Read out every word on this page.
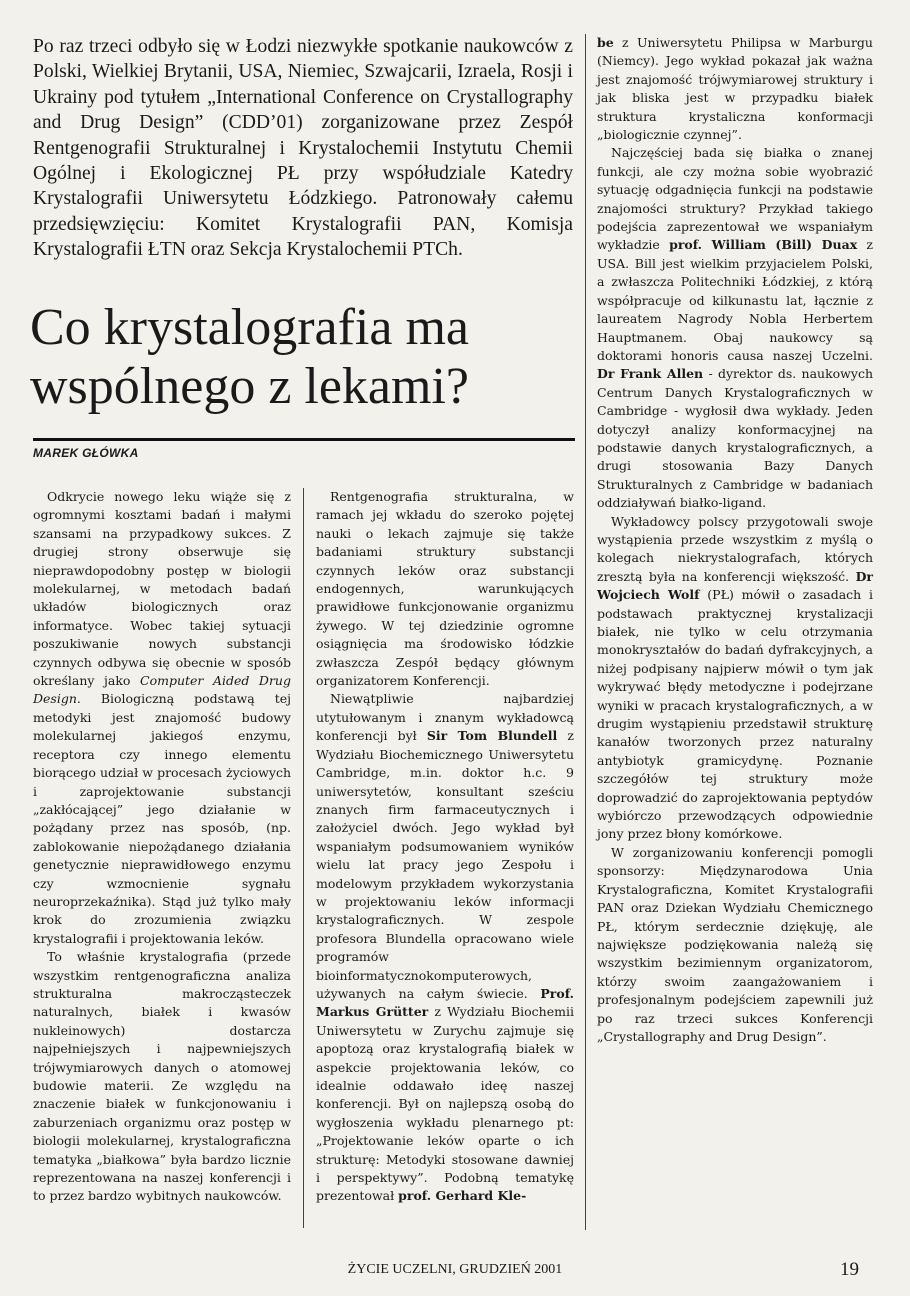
Po raz trzeci odbyło się w Łodzi niezwykłe spotkanie naukowców z Polski, Wielkiej Brytanii, USA, Niemiec, Szwajcarii, Izraela, Rosji i Ukrainy pod tytułem „International Conference on Crystallography and Drug Design” (CDD’01) zorganizowane przez Zespół Rentgenografii Strukturalnej i Krystalochemii Instytutu Chemii Ogólnej i Ekologicznej PŁ przy współudziale Katedry Krystalografii Uniwersytetu Łódzkiego. Patronowały całemu przedsięwzięciu: Komitet Krystalografii PAN, Komisja Krystalografii ŁTN oraz Sekcja Krystalochemii PTCh.

Co krystalografia ma wspólnego z lekami?
MAREK GŁÓWKA

Odkrycie nowego leku wiąże się z ogromnymi kosztami badań i małymi szansami na przypadkowy sukces. Z drugiej strony obserwuje się nieprawdopodobny postęp w biologii molekularnej, w metodach badań układów biologicznych oraz informatyce. Wobec takiej sytuacji poszukiwanie nowych substancji czynnych odbywa się obecnie w sposób określany jako Computer Aided Drug Design. Biologiczną podstawą tej metodyki jest znajomość budowy molekularnej jakiegoś enzymu, receptora czy innego elementu biorącego udział w procesach życiowych i zaprojektowanie substancji „zakłócającej” jego działanie w pożądany przez nas sposób, (np. zablokowanie niepożądanego działania genetycznie nieprawidłowego enzymu czy wzmocnienie sygnału neuroprzekaźnika). Stąd już tylko mały krok do zrozumienia związku krystalografii i projektowania leków.

To właśnie krystalografia (przede wszystkim rentgenograficzna analiza strukturalna makrocząsteczek naturalnych, białek i kwasów nukleinowych) dostarcza najpełniejszych i najpewniejszych trójwymiarowych danych o atomowej budowie materii. Ze względu na znaczenie białek w funkcjonowaniu i zaburzeniach organizmu oraz postęp w biologii molekularnej, krystalograficzna tematyka „białkowa” była bardzo licznie reprezentowana na naszej konferencji i to przez bardzo wybitnych naukowców.

Rentgenografia strukturalna, w ramach jej wkładu do szeroko pojętej nauki o lekach zajmuje się także badaniami struktury substancji czynnych leków oraz substancji endogennych, warunkujących prawidłowe funkcjonowanie organizmu żywego. W tej dziedzinie ogromne osiągnięcia ma środowisko łódzkie zwłaszcza Zespół będący głównym organizatorem Konferencji.

Niewątpliwie najbardziej utytułowanym i znanym wykładowcą konferencji był Sir Tom Blundell z Wydziału Biochemicznego Uniwersytetu Cambridge, m.in. doktor h.c. 9 uniwersytetów, konsultant sześciu znanych firm farmaceutycznych i założyciel dwóch. Jego wykład był wspaniałym podsumowaniem wyników wielu lat pracy jego Zespołu i modelowym przykładem wykorzystania w projektowaniu leków informacji krystalograficznych. W zespole profesora Blundella opracowano wiele programów bioinformatycznokomputerowych, używanych na całym świecie. Prof. Markus Grütter z Wydziału Biochemii Uniwersytetu w Zurychu zajmuje się apoptozą oraz krystalografią białek w aspekcie projektowania leków, co idealnie oddawało ideę naszej konferencji. Był on najlepszą osobą do wygłoszenia wykładu plenarnego pt: „Projektowanie leków oparte o ich strukturę: Metodyki stosowane dawniej i perspektywy”. Podobną tematykę prezentował prof. Gerhard Kle-

be z Uniwersytetu Philipsa w Marburgu (Niemcy). Jego wykład pokazał jak ważna jest znajomość trójwymiarowej struktury i jak bliska jest w przypadku białek struktura krystaliczna konformacji „biologicznie czynnej”.

Najczęściej bada się białka o znanej funkcji, ale czy można sobie wyobrazić sytuację odgadnięcia funkcji na podstawie znajomości struktury? Przykład takiego podejścia zaprezentował we wspaniałym wykładzie prof. William (Bill) Duax z USA. Bill jest wielkim przyjacielem Polski, a zwłaszcza Politechniki Łódzkiej, z którą współpracuje od kilkunastu lat, łącznie z laureatem Nagrody Nobla Herbertem Hauptmanem. Obaj naukowcy są doktorami honoris causa naszej Uczelni. Dr Frank Allen - dyrektor ds. naukowych Centrum Danych Krystalograficznych w Cambridge - wygłosił dwa wykłady. Jeden dotyczył analizy konformacyjnej na podstawie danych krystalograficznych, a drugi stosowania Bazy Danych Strukturalnych z Cambridge w badaniach oddziaływań białko-ligand.

Wykładowcy polscy przygotowali swoje wystąpienia przede wszystkim z myślą o kolegach niekrystalografach, których zresztą była na konferencji większość. Dr Wojciech Wolf (PŁ) mówił o zasadach i podstawach praktycznej krystalizacji białek, nie tylko w celu otrzymania monokryształów do badań dyfrakcyjnych, a niżej podpisany najpierw mówił o tym jak wykrywać błędy metodyczne i podejrzane wyniki w pracach krystalograficznych, a w drugim wystąpieniu przedstawił strukturę kanałów tworzonych przez naturalny antybiotyk gramicydynę. Poznanie szczegółów tej struktury może doprowadzić do zaprojektowania peptydów wybiórczo przewodzących odpowiednie jony przez błony komórkowe.

W zorganizowaniu konferencji pomogli sponsorzy: Międzynarodowa Unia Krystalograficzna, Komitet Krystalografii PAN oraz Dziekan Wydziału Chemicznego PŁ, którym serdecznie dziękuję, ale największe podziękowania należą się wszystkim bezimiennym organizatorom, którzy swoim zaangażowaniem i profesjonalnym podejściem zapewnili już po raz trzeci sukces Konferencji „Crystallography and Drug Design”.

ŻYCIE UCZELNI, GRUDZIEŃ 2001	19
